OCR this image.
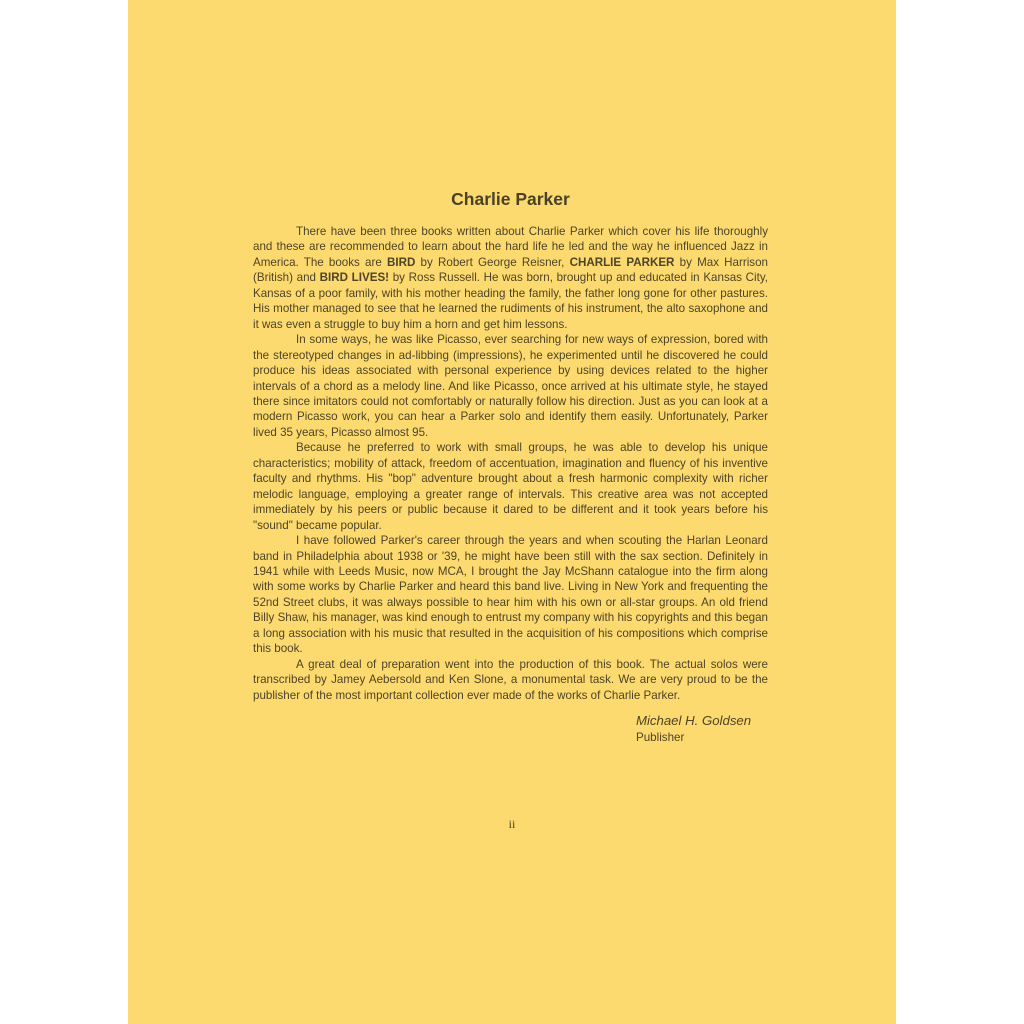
Charlie Parker

There have been three books written about Charlie Parker which cover his life thoroughly and these are recommended to learn about the hard life he led and the way he influenced Jazz in America. The books are BIRD by Robert George Reisner, CHARLIE PARKER by Max Harrison (British) and BIRD LIVES! by Ross Russell. He was born, brought up and educated in Kansas City, Kansas of a poor family, with his mother heading the family, the father long gone for other pastures. His mother managed to see that he learned the rudiments of his instrument, the alto saxophone and it was even a struggle to buy him a horn and get him lessons.

In some ways, he was like Picasso, ever searching for new ways of expression, bored with the stereotyped changes in ad-libbing (impressions), he experimented until he discovered he could produce his ideas associated with personal experience by using devices related to the higher intervals of a chord as a melody line. And like Picasso, once arrived at his ultimate style, he stayed there since imitators could not comfortably or naturally follow his direction. Just as you can look at a modern Picasso work, you can hear a Parker solo and identify them easily. Unfortunately, Parker lived 35 years, Picasso almost 95.

Because he preferred to work with small groups, he was able to develop his unique characteristics; mobility of attack, freedom of accentuation, imagination and fluency of his inventive faculty and rhythms. His "bop" adventure brought about a fresh harmonic complexity with richer melodic language, employing a greater range of intervals. This creative area was not accepted immediately by his peers or public because it dared to be different and it took years before his "sound" became popular.

I have followed Parker's career through the years and when scouting the Harlan Leonard band in Philadelphia about 1938 or '39, he might have been still with the sax section. Definitely in 1941 while with Leeds Music, now MCA, I brought the Jay McShann catalogue into the firm along with some works by Charlie Parker and heard this band live. Living in New York and frequenting the 52nd Street clubs, it was always possible to hear him with his own or all-star groups. An old friend Billy Shaw, his manager, was kind enough to entrust my company with his copyrights and this began a long association with his music that resulted in the acquisition of his compositions which comprise this book.

A great deal of preparation went into the production of this book. The actual solos were transcribed by Jamey Aebersold and Ken Slone, a monumental task. We are very proud to be the publisher of the most important collection ever made of the works of Charlie Parker.

Michael H. Goldsen
Publisher
ii
